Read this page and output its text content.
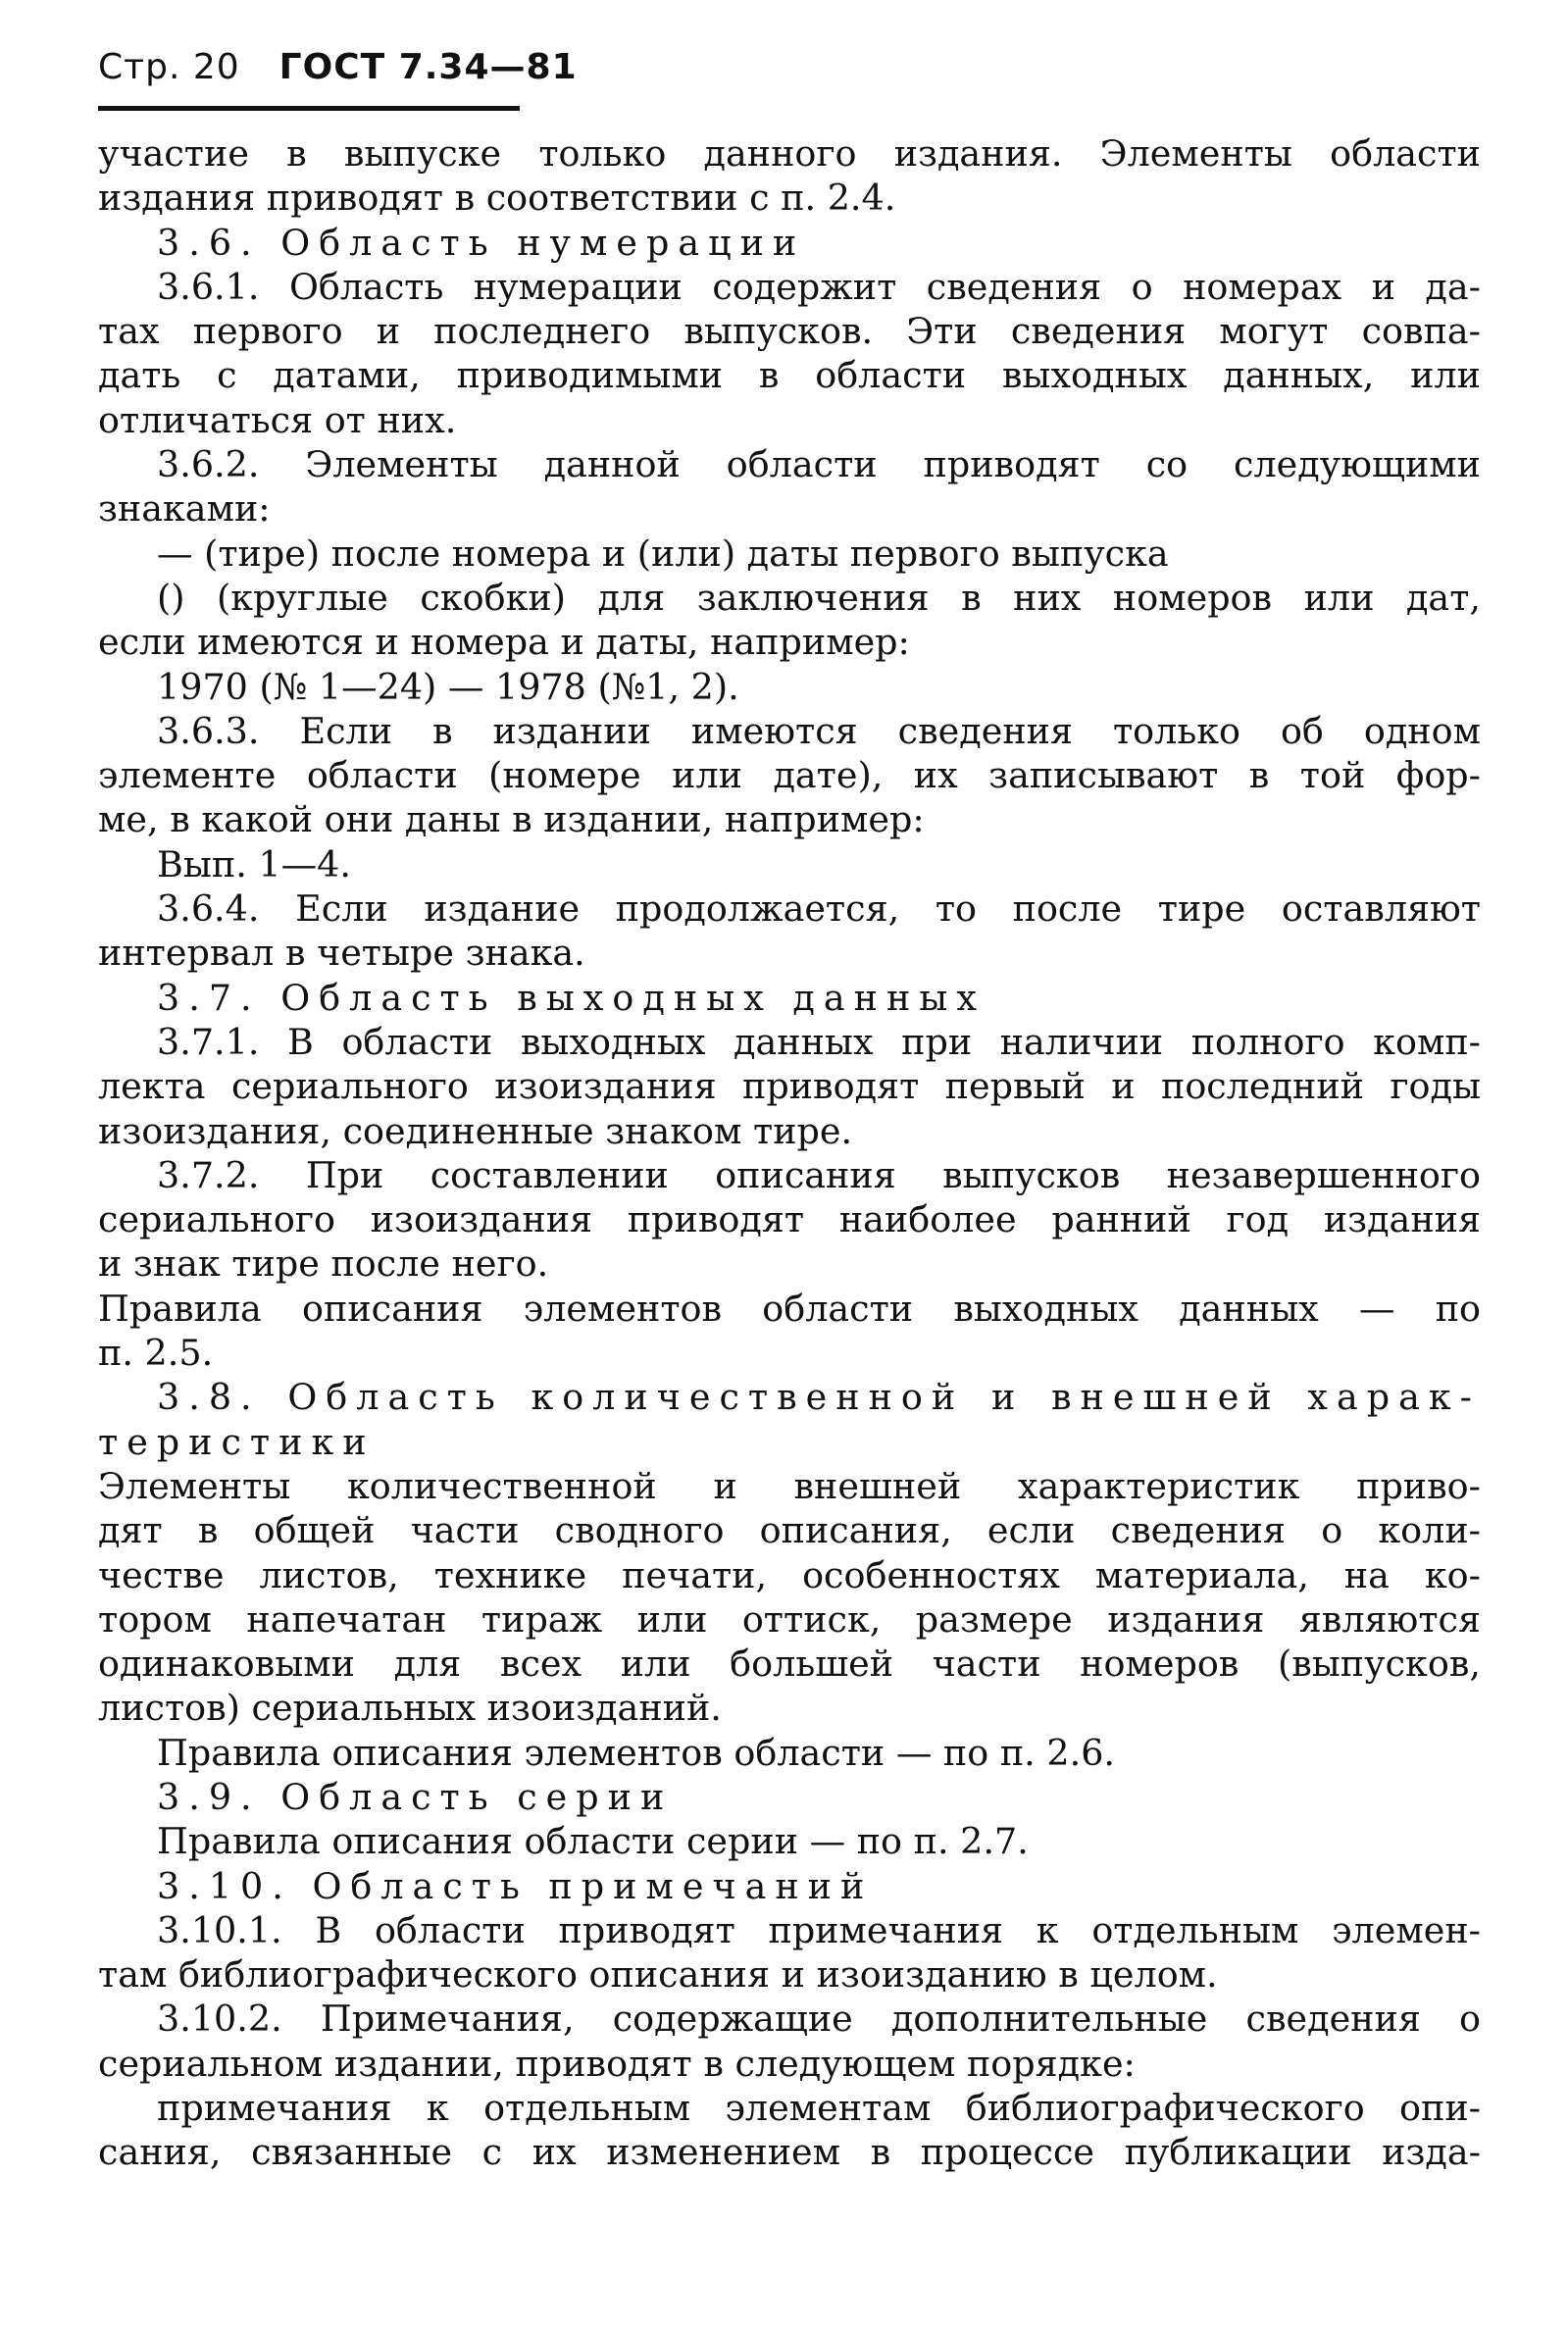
Стр. 20 ГОСТ 7.34—81
участие в выпуске только данного издания. Элементы области
издания приводят в соответствии с п. 2.4.
3.6. Область нумерации
3.6.1. Область нумерации содержит сведения о номерах и да-
тах первого и последнего выпусков. Эти сведения могут совпа-
дать с датами, приводимыми в области выходных данных, или
отличаться от них.
3.6.2. Элементы данной области приводят со следующими
знаками:
— (тире) после номера и (или) даты первого выпуска
() (круглые скобки) для заключения в них номеров или дат,
если имеются и номера и даты, например:
1970 (№ 1—24) — 1978 (№1, 2).
3.6.3. Если в издании имеются сведения только об одном
элементе области (номере или дате), их записывают в той фор-
ме, в какой они даны в издании, например:
Вып. 1—4.
3.6.4. Если издание продолжается, то после тире оставляют
интервал в четыре знака.
3.7. Область выходных данных
3.7.1. В области выходных данных при наличии полного комп-
лекта сериального изоиздания приводят первый и последний годы
изоиздания, соединенные знаком тире.
3.7.2. При составлении описания выпусков незавершенного
сериального изоиздания приводят наиболее ранний год издания
и знак тире после него.
Правила описания элементов области выходных данных — по
п. 2.5.
3.8. Область количественной и внешней харак-
теристики
Элементы количественной и внешней характеристик приво-
дят в общей части сводного описания, если сведения о коли-
честве листов, технике печати, особенностях материала, на ко-
тором напечатан тираж или оттиск, размере издания являются
одинаковыми для всех или большей части номеров (выпусков,
листов) сериальных изоизданий.
Правила описания элементов области — по п. 2.6.
3.9. Область серии
Правила описания области серии — по п. 2.7.
3.10. Область примечаний
3.10.1. В области приводят примечания к отдельным элемен-
там библиографического описания и изоизданию в целом.
3.10.2. Примечания, содержащие дополнительные сведения о
сериальном издании, приводят в следующем порядке:
примечания к отдельным элементам библиографического опи-
сания, связанные с их изменением в процессе публикации изда-
